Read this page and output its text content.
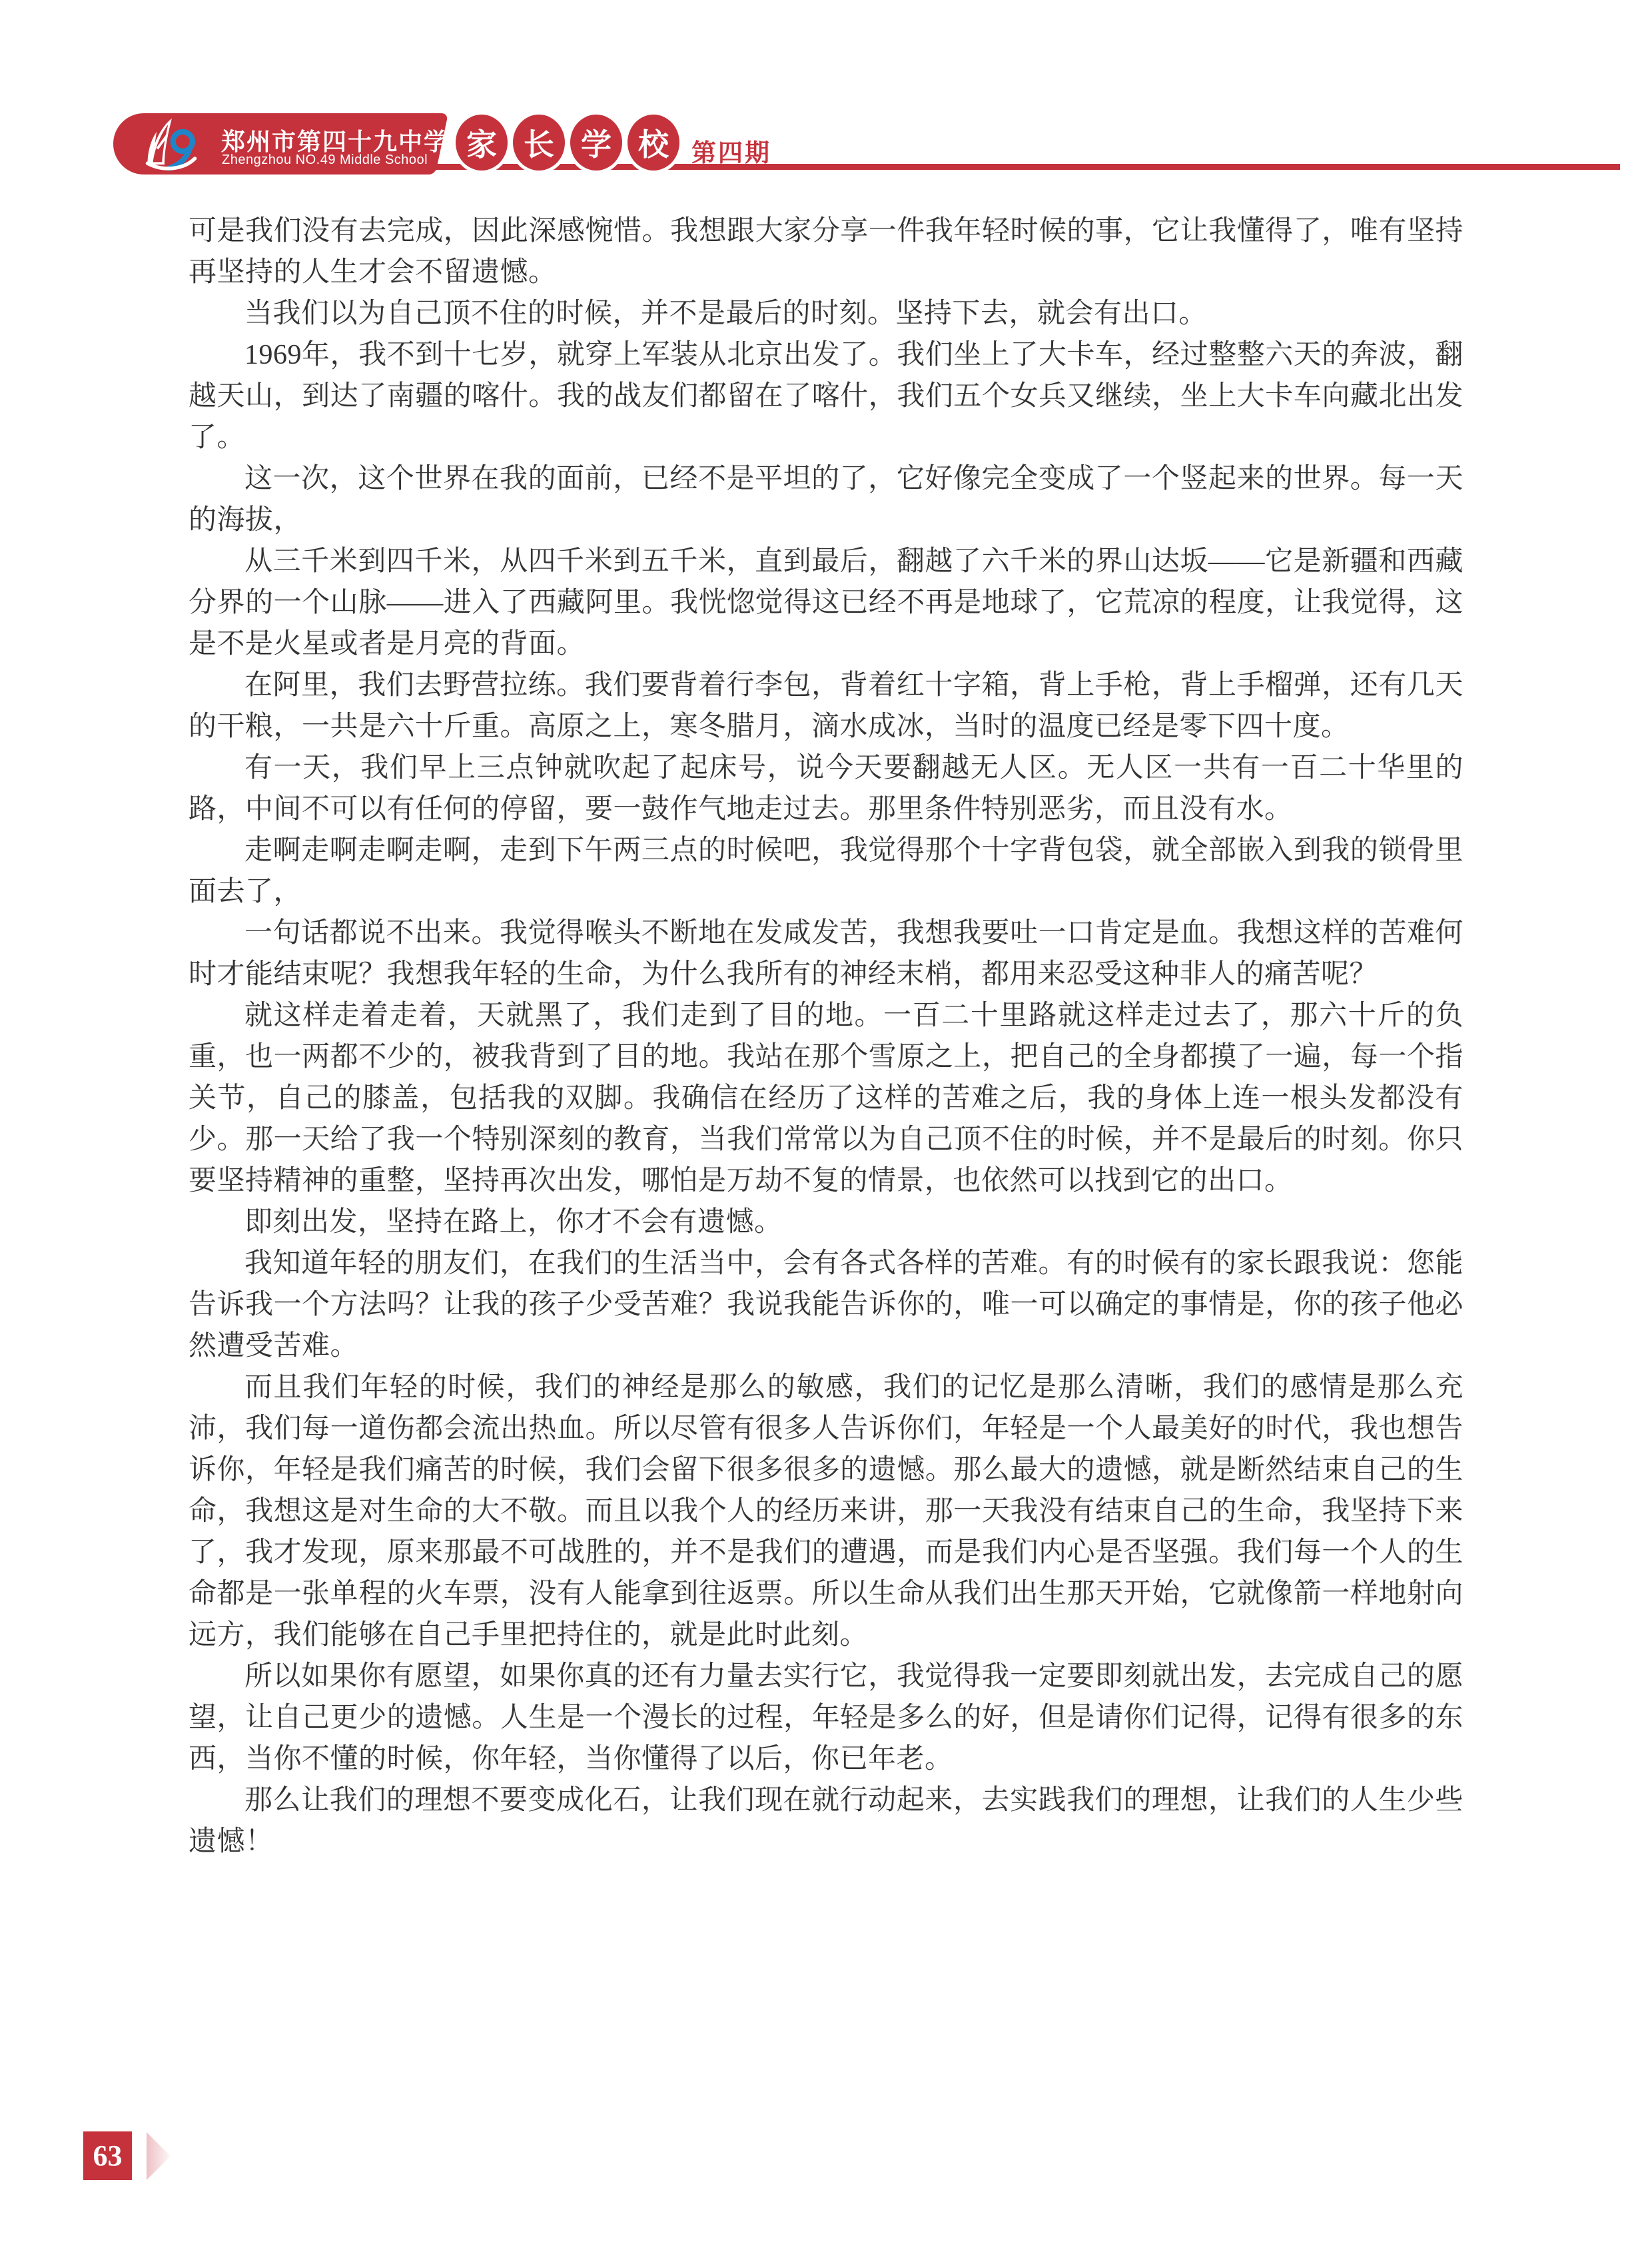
郑州市第四十九中学
Zhengzhou NO.49 Middle School	家 长 学 校 第四期

可是我们没有去完成，因此深感惋惜。我想跟大家分享一件我年轻时候的事，它让我懂得了，唯有坚持再坚持的人生才会不留遗憾。

当我们以为自己顶不住的时候，并不是最后的时刻。坚持下去，就会有出口。

1969年，我不到十七岁，就穿上军装从北京出发了。我们坐上了大卡车，经过整整六天的奔波，翻越天山，到达了南疆的喀什。我的战友们都留在了喀什，我们五个女兵又继续，坐上大卡车向藏北出发了。

这一次，这个世界在我的面前，已经不是平坦的了，它好像完全变成了一个竖起来的世界。每一天的海拔，

从三千米到四千米，从四千米到五千米，直到最后，翻越了六千米的界山达坂——它是新疆和西藏分界的一个山脉——进入了西藏阿里。我恍惚觉得这已经不再是地球了，它荒凉的程度，让我觉得，这是不是火星或者是月亮的背面。

在阿里，我们去野营拉练。我们要背着行李包，背着红十字箱，背上手枪，背上手榴弹，还有几天的干粮，一共是六十斤重。高原之上，寒冬腊月，滴水成冰，当时的温度已经是零下四十度。

有一天，我们早上三点钟就吹起了起床号，说今天要翻越无人区。无人区一共有一百二十华里的路，中间不可以有任何的停留，要一鼓作气地走过去。那里条件特别恶劣，而且没有水。

走啊走啊走啊走啊，走到下午两三点的时候吧，我觉得那个十字背包袋，就全部嵌入到我的锁骨里面去了，

一句话都说不出来。我觉得喉头不断地在发咸发苦，我想我要吐一口肯定是血。我想这样的苦难何时才能结束呢？我想我年轻的生命，为什么我所有的神经末梢，都用来忍受这种非人的痛苦呢？

就这样走着走着，天就黑了，我们走到了目的地。一百二十里路就这样走过去了，那六十斤的负重，也一两都不少的，被我背到了目的地。我站在那个雪原之上，把自己的全身都摸了一遍，每一个指关节，自己的膝盖，包括我的双脚。我确信在经历了这样的苦难之后，我的身体上连一根头发都没有少。那一天给了我一个特别深刻的教育，当我们常常以为自己顶不住的时候，并不是最后的时刻。你只要坚持精神的重整，坚持再次出发，哪怕是万劫不复的情景，也依然可以找到它的出口。

即刻出发，坚持在路上，你才不会有遗憾。

我知道年轻的朋友们，在我们的生活当中，会有各式各样的苦难。有的时候有的家长跟我说：您能告诉我一个方法吗？让我的孩子少受苦难？我说我能告诉你的，唯一可以确定的事情是，你的孩子他必然遭受苦难。

而且我们年轻的时候，我们的神经是那么的敏感，我们的记忆是那么清晰，我们的感情是那么充沛，我们每一道伤都会流出热血。所以尽管有很多人告诉你们，年轻是一个人最美好的时代，我也想告诉你，年轻是我们痛苦的时候，我们会留下很多很多的遗憾。那么最大的遗憾，就是断然结束自己的生命，我想这是对生命的大不敬。而且以我个人的经历来讲，那一天我没有结束自己的生命，我坚持下来了，我才发现，原来那最不可战胜的，并不是我们的遭遇，而是我们内心是否坚强。我们每一个人的生命都是一张单程的火车票，没有人能拿到往返票。所以生命从我们出生那天开始，它就像箭一样地射向远方，我们能够在自己手里把持住的，就是此时此刻。

所以如果你有愿望，如果你真的还有力量去实行它，我觉得我一定要即刻就出发，去完成自己的愿望，让自己更少的遗憾。人生是一个漫长的过程，年轻是多么的好，但是请你们记得，记得有很多的东西，当你不懂的时候，你年轻，当你懂得了以后，你已年老。

那么让我们的理想不要变成化石，让我们现在就行动起来，去实践我们的理想，让我们的人生少些遗憾！

63
